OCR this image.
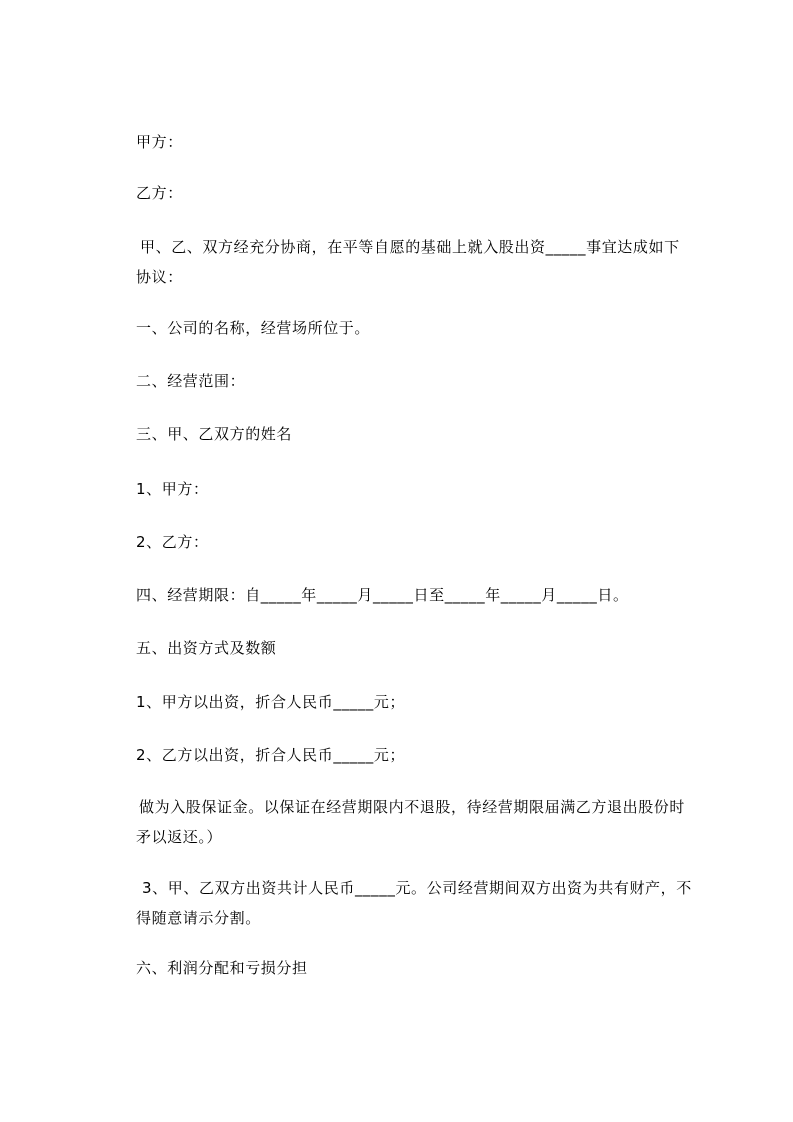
甲方：
乙方：
甲、乙、双方经充分协商，在平等自愿的基础上就入股出资_____事宜达成如下
协议：
一、公司的名称，经营场所位于。
二、经营范围：
三、甲、乙双方的姓名
1、甲方：
2、乙方：
四、经营期限：自_____年_____月_____日至_____年_____月_____日。
五、出资方式及数额
1、甲方以出资，折合人民币_____元；
2、乙方以出资，折合人民币_____元；
做为入股保证金。以保证在经营期限内不退股，待经营期限届满乙方退出股份时
矛以返还。）
3、甲、乙双方出资共计人民币_____元。公司经营期间双方出资为共有财产，不
得随意请示分割。
六、利润分配和亏损分担
